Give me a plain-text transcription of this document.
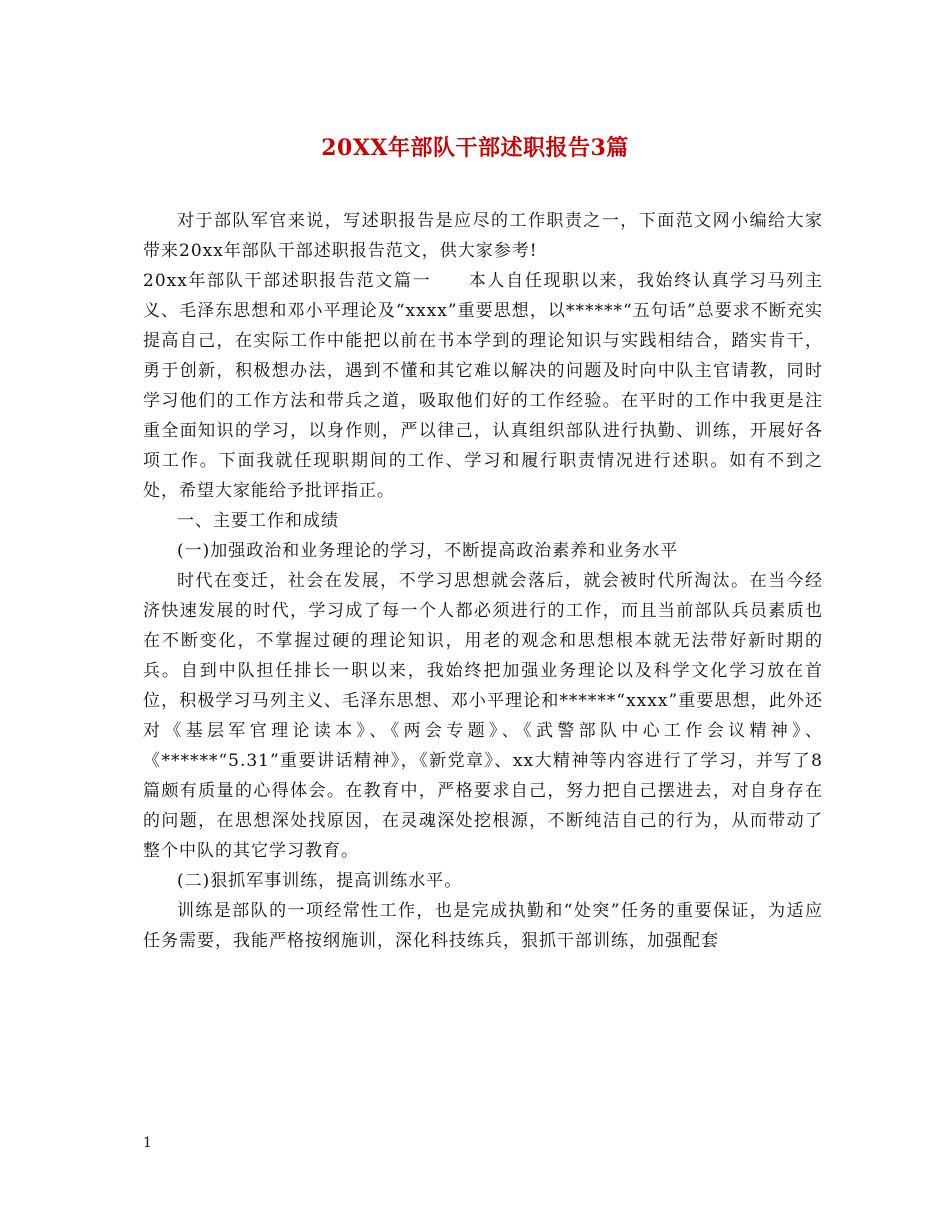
20XX年部队干部述职报告3篇

对于部队军官来说，写述职报告是应尽的工作职责之一，下面范文网小编给大家带来20xx年部队干部述职报告范文，供大家参考!

20xx年部队干部述职报告范文篇一　　本人自任现职以来，我始终认真学习马列主义、毛泽东思想和邓小平理论及“xxxx”重要思想，以******“五句话”总要求不断充实提高自己，在实际工作中能把以前在书本学到的理论知识与实践相结合，踏实肯干，勇于创新，积极想办法，遇到不懂和其它难以解决的问题及时向中队主官请教，同时学习他们的工作方法和带兵之道，吸取他们好的工作经验。在平时的工作中我更是注重全面知识的学习，以身作则，严以律己，认真组织部队进行执勤、训练，开展好各项工作。下面我就任现职期间的工作、学习和履行职责情况进行述职。如有不到之处，希望大家能给予批评指正。

一、主要工作和成绩

(一)加强政治和业务理论的学习，不断提高政治素养和业务水平

时代在变迁，社会在发展，不学习思想就会落后，就会被时代所淘汰。在当今经济快速发展的时代，学习成了每一个人都必须进行的工作，而且当前部队兵员素质也在不断变化，不掌握过硬的理论知识，用老的观念和思想根本就无法带好新时期的兵。自到中队担任排长一职以来，我始终把加强业务理论以及科学文化学习放在首位，积极学习马列主义、毛泽东思想、邓小平理论和******“xxxx”重要思想，此外还对《基层军官理论读本》、《两会专题》、《武警部队中心工作会议精神》、《******“5.31”重要讲话精神》，《新党章》、xx大精神等内容进行了学习，并写了8篇颇有质量的心得体会。在教育中，严格要求自己，努力把自己摆进去，对自身存在的问题，在思想深处找原因，在灵魂深处挖根源，不断纯洁自己的行为，从而带动了整个中队的其它学习教育。

(二)狠抓军事训练，提高训练水平。

训练是部队的一项经常性工作，也是完成执勤和“处突”任务的重要保证，为适应任务需要，我能严格按纲施训，深化科技练兵，狠抓干部训练，加强配套

1
